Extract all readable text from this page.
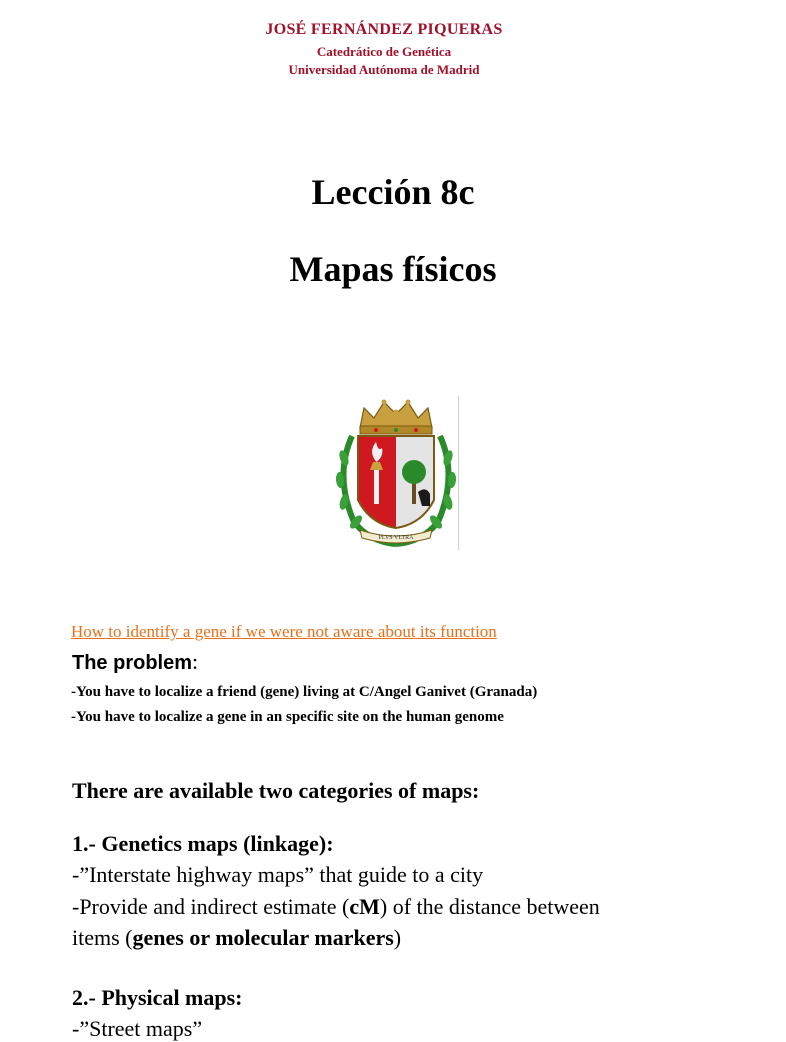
JOSÉ FERNÁNDEZ PIQUERAS
Catedrático de Genética
Universidad Autónoma de Madrid
Lección 8c
Mapas físicos
PLVS VLTRA
How to identify a gene if we were not aware about its function
The problem:
-You have to localize a friend (gene) living at C/Angel Ganivet (Granada)
-You have to localize a gene in an specific site on the human genome
There are available two categories of maps:
1.- Genetics maps (linkage):
-”Interstate highway maps” that guide to a city
-Provide and indirect estimate (cM) of the distance between
items (genes or molecular markers)
2.- Physical maps:
-”Street maps”
